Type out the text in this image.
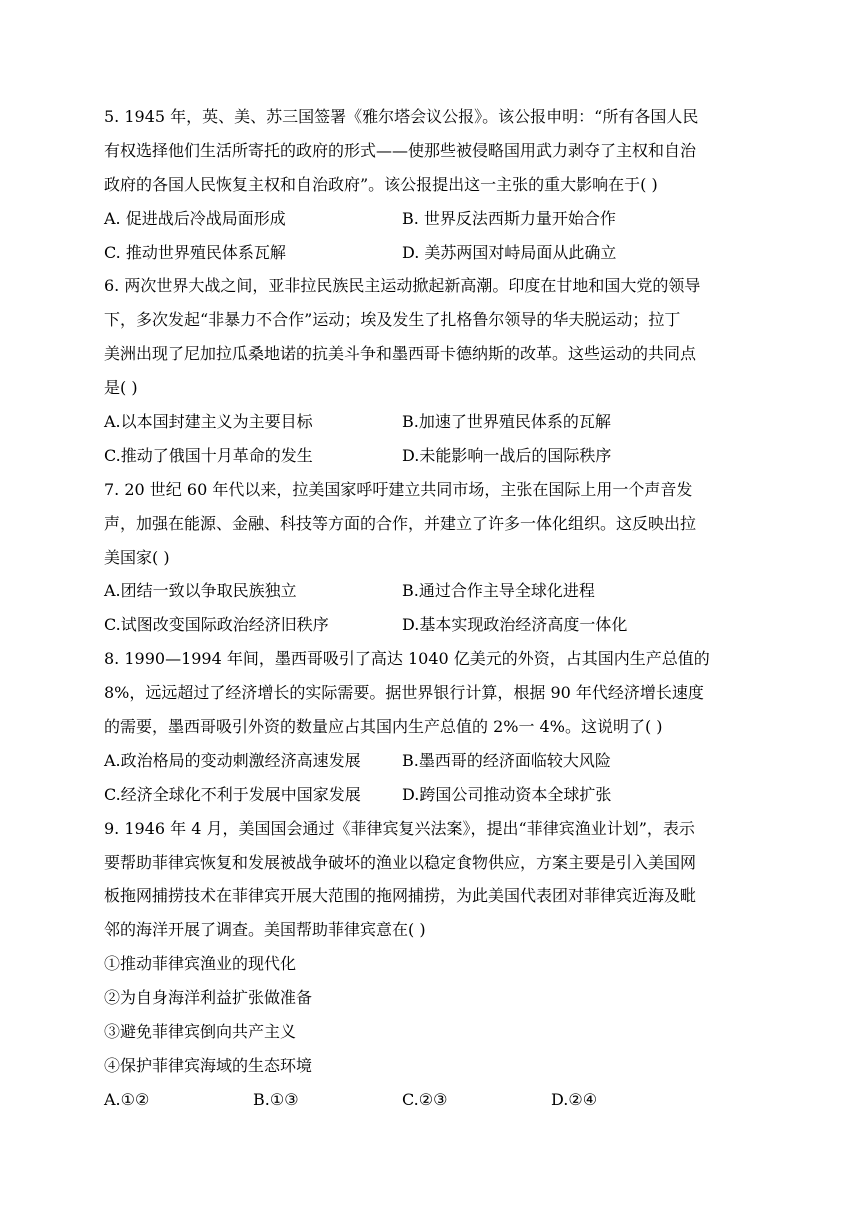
5. 1945 年，英、美、苏三国签署《雅尔塔会议公报》。该公报申明：“所有各国人民
有权选择他们生活所寄托的政府的形式——使那些被侵略国用武力剥夺了主权和自治
政府的各国人民恢复主权和自治政府”。该公报提出这一主张的重大影响在于( )
A. 促进战后冷战局面形成	B. 世界反法西斯力量开始合作
C. 推动世界殖民体系瓦解	D. 美苏两国对峙局面从此确立
6. 两次世界大战之间，亚非拉民族民主运动掀起新高潮。印度在甘地和国大党的领导
下，多次发起“非暴力不合作”运动；埃及发生了扎格鲁尔领导的华夫脱运动；拉丁
美洲出现了尼加拉瓜桑地诺的抗美斗争和墨西哥卡德纳斯的改革。这些运动的共同点
是( )
A.以本国封建主义为主要目标	B.加速了世界殖民体系的瓦解
C.推动了俄国十月革命的发生	D.未能影响一战后的国际秩序
7. 20 世纪 60 年代以来，拉美国家呼吁建立共同市场，主张在国际上用一个声音发
声，加强在能源、金融、科技等方面的合作，并建立了许多一体化组织。这反映出拉
美国家( )
A.团结一致以争取民族独立	B.通过合作主导全球化进程
C.试图改变国际政治经济旧秩序	D.基本实现政治经济高度一体化
8. 1990—1994 年间，墨西哥吸引了高达 1040 亿美元的外资，占其国内生产总值的
8%，远远超过了经济增长的实际需要。据世界银行计算，根据 90 年代经济增长速度
的需要，墨西哥吸引外资的数量应占其国内生产总值的 2%一 4%。这说明了( )
A.政治格局的变动刺激经济高速发展	B.墨西哥的经济面临较大风险
C.经济全球化不利于发展中国家发展	D.跨国公司推动资本全球扩张
9. 1946 年 4 月，美国国会通过《菲律宾复兴法案》，提出“菲律宾渔业计划”，表示
要帮助菲律宾恢复和发展被战争破坏的渔业以稳定食物供应，方案主要是引入美国网
板拖网捕捞技术在菲律宾开展大范围的拖网捕捞，为此美国代表团对菲律宾近海及毗
邻的海洋开展了调查。美国帮助菲律宾意在( )
①推动菲律宾渔业的现代化
②为自身海洋利益扩张做准备
③避免菲律宾倒向共产主义
④保护菲律宾海域的生态环境
A.①②	B.①③	C.②③	D.②④
